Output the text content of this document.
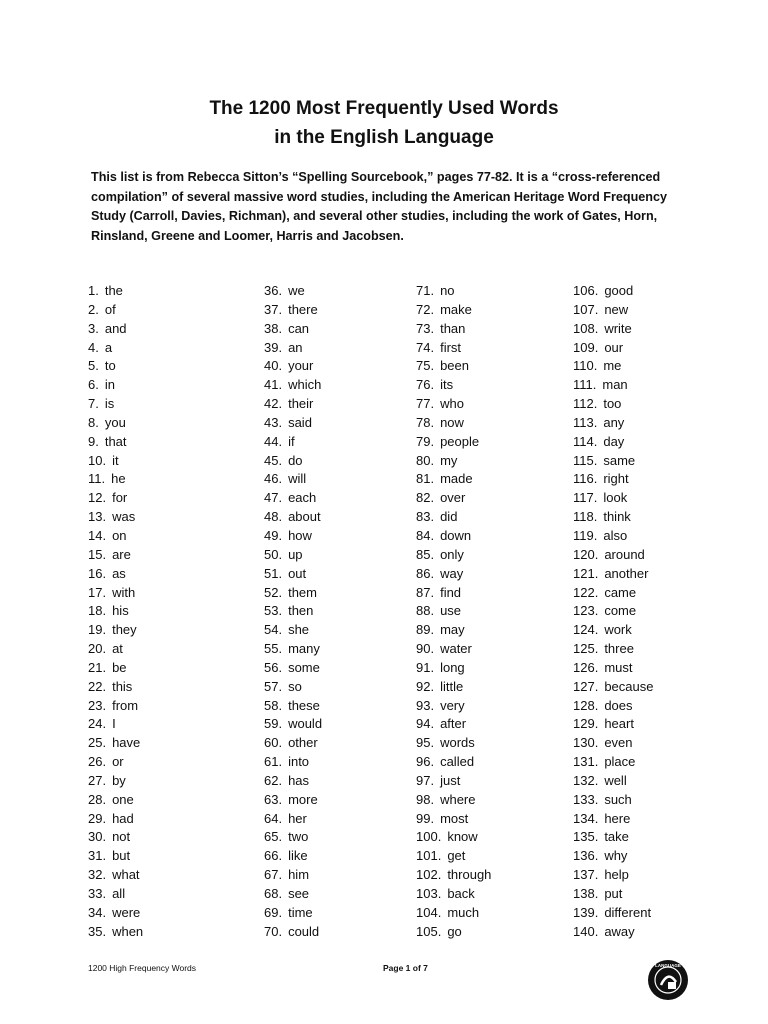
The 1200 Most Frequently Used Words
in the English Language
This list is from Rebecca Sitton’s “Spelling Sourcebook,” pages 77-82. It is a “cross-referenced
compilation” of several massive word studies, including the American Heritage Word Frequency
Study (Carroll, Davies, Richman), and several other studies, including the work of Gates, Horn,
Rinsland, Greene and Loomer, Harris and Jacobsen.
1. the
2. of
3. and
4. a
5. to
6. in
7. is
8. you
9. that
10. it
11. he
12. for
13. was
14. on
15. are
16. as
17. with
18. his
19. they
20. at
21. be
22. this
23. from
24. I
25. have
26. or
27. by
28. one
29. had
30. not
31. but
32. what
33. all
34. were
35. when
36. we
37. there
38. can
39. an
40. your
41. which
42. their
43. said
44. if
45. do
46. will
47. each
48. about
49. how
50. up
51. out
52. them
53. then
54. she
55. many
56. some
57. so
58. these
59. would
60. other
61. into
62. has
63. more
64. her
65. two
66. like
67. him
68. see
69. time
70. could
71. no
72. make
73. than
74. first
75. been
76. its
77. who
78. now
79. people
80. my
81. made
82. over
83. did
84. down
85. only
86. way
87. find
88. use
89. may
90. water
91. long
92. little
93. very
94. after
95. words
96. called
97. just
98. where
99. most
100. know
101. get
102. through
103. back
104. much
105. go
106. good
107. new
108. write
109. our
110. me
111. man
112. too
113. any
114. day
115. same
116. right
117. look
118. think
119. also
120. around
121. another
122. came
123. come
124. work
125. three
126. must
127. because
128. does
129. heart
130. even
131. place
132. well
133. such
134. here
135. take
136. why
137. help
138. put
139. different
140. away
1200 High Frequency Words	Page 1 of 7	LANGUAGE
